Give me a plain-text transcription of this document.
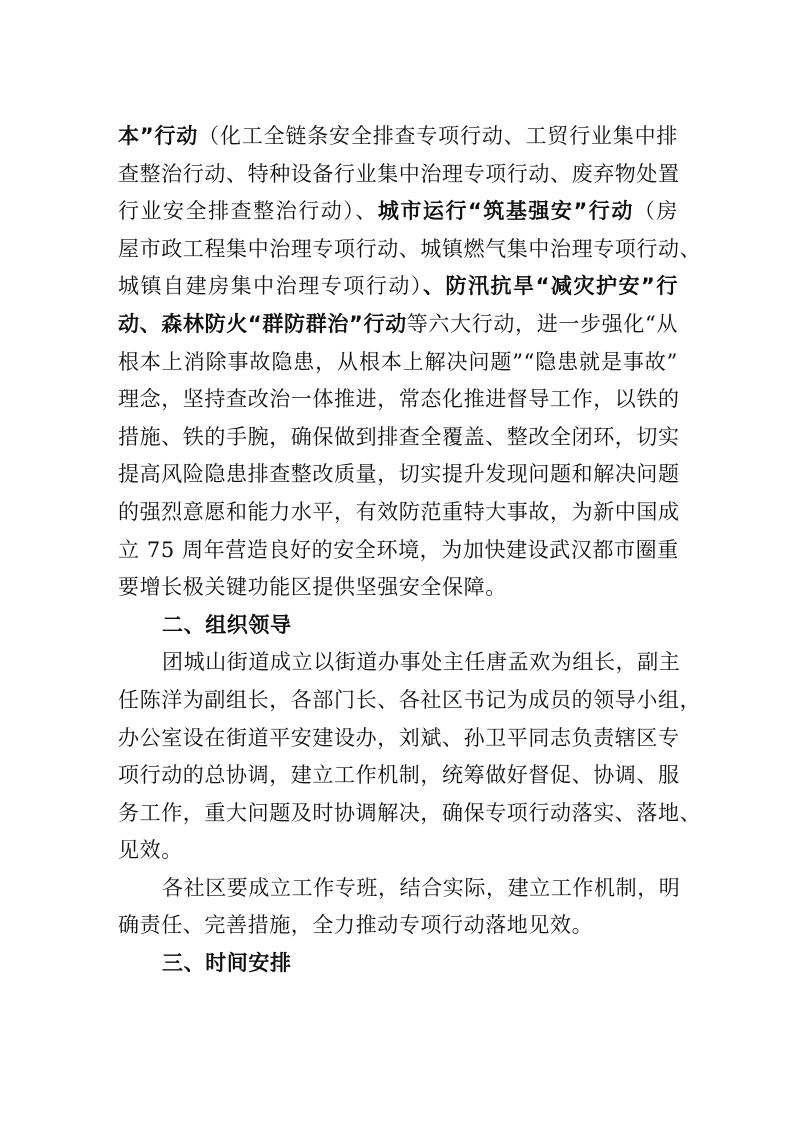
本”行动（化工全链条安全排查专项行动、工贸行业集中排
查整治行动、特种设备行业集中治理专项行动、废弃物处置
行业安全排查整治行动）、城市运行“筑基强安”行动（房
屋市政工程集中治理专项行动、城镇燃气集中治理专项行动、
城镇自建房集中治理专项行动）、防汛抗旱“减灾护安”行
动、森林防火“群防群治”行动等六大行动，进一步强化“从
根本上消除事故隐患，从根本上解决问题”“隐患就是事故”
理念，坚持查改治一体推进，常态化推进督导工作，以铁的
措施、铁的手腕，确保做到排查全覆盖、整改全闭环，切实
提高风险隐患排查整改质量，切实提升发现问题和解决问题
的强烈意愿和能力水平，有效防范重特大事故，为新中国成
立 75 周年营造良好的安全环境，为加快建设武汉都市圈重
要增长极关键功能区提供坚强安全保障。
二、组织领导
团城山街道成立以街道办事处主任唐孟欢为组长，副主
任陈洋为副组长，各部门长、各社区书记为成员的领导小组，
办公室设在街道平安建设办，刘斌、孙卫平同志负责辖区专
项行动的总协调，建立工作机制，统筹做好督促、协调、服
务工作，重大问题及时协调解决，确保专项行动落实、落地、
见效。
各社区要成立工作专班，结合实际，建立工作机制，明
确责任、完善措施，全力推动专项行动落地见效。
三、时间安排
